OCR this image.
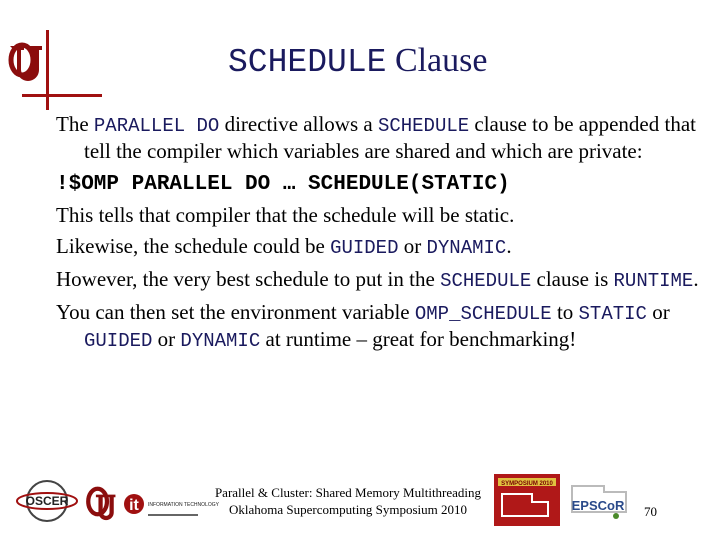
SCHEDULE Clause

The PARALLEL DO directive allows a SCHEDULE clause to be appended that tell the compiler which variables are shared and which are private:

!$OMP PARALLEL DO … SCHEDULE(STATIC)

This tells that compiler that the schedule will be static.

Likewise, the schedule could be GUIDED or DYNAMIC.

However, the very best schedule to put in the SCHEDULE clause is RUNTIME.

You can then set the environment variable OMP_SCHEDULE to STATIC or GUIDED or DYNAMIC at runtime – great for benchmarking!

OSCER	it INFORMATION TECHNOLOGY
Parallel & Cluster: Shared Memory Multithreading
Oklahoma Supercomputing Symposium 2010
SYMPOSIUM 2010
EPSCoR 70
